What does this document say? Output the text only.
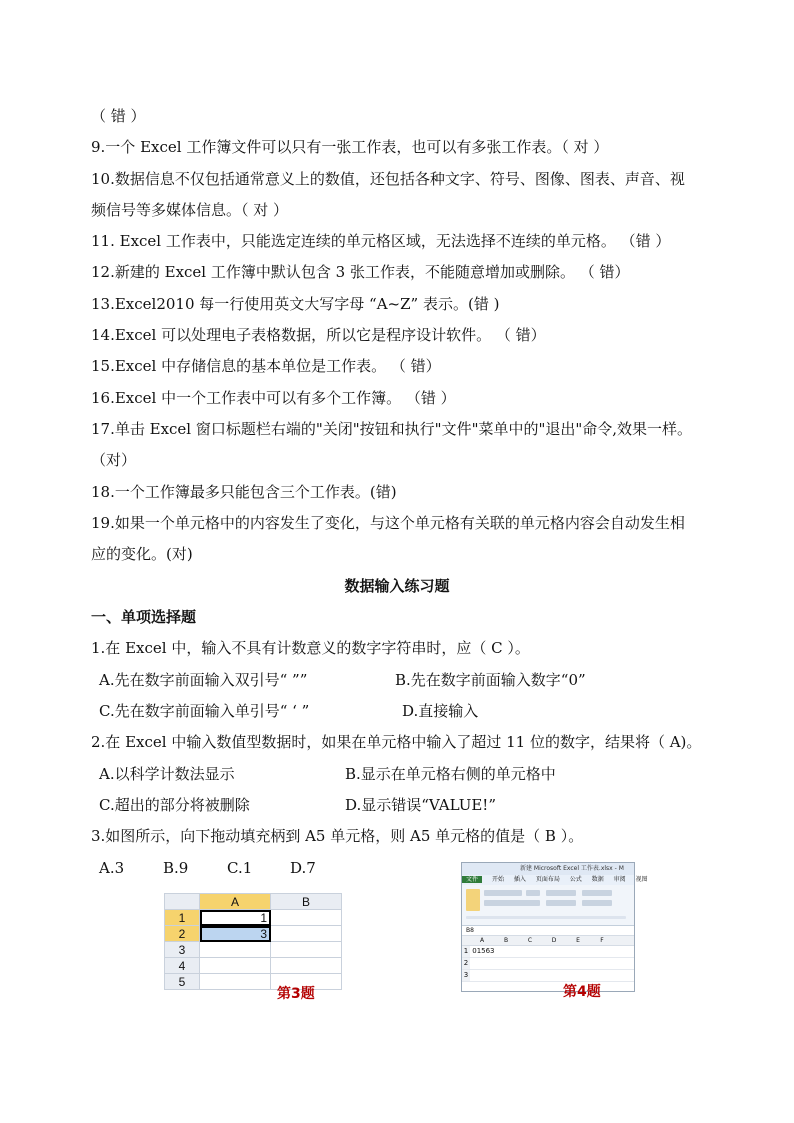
（ 错 ）
9.一个 Excel 工作簿文件可以只有一张工作表，也可以有多张工作表。（ 对 ）
10.数据信息不仅包括通常意义上的数值，还包括各种文字、符号、图像、图表、声音、视
频信号等多媒体信息。（ 对 ）
11. Excel 工作表中，只能选定连续的单元格区域，无法选择不连续的单元格。 （错 ）
12.新建的 Excel 工作簿中默认包含 3 张工作表，不能随意增加或删除。 （ 错）
13.Excel2010 每一行使用英文大写字母 “A~Z” 表示。(错 )
14.Excel 可以处理电子表格数据，所以它是程序设计软件。 （ 错）
15.Excel 中存储信息的基本单位是工作表。 （ 错）
16.Excel 中一个工作表中可以有多个工作簿。 （错 ）
17.单击 Excel 窗口标题栏右端的"关闭"按钮和执行"文件"菜单中的"退出"命令,效果一样。
（对）
18.一个工作簿最多只能包含三个工作表。(错)
19.如果一个单元格中的内容发生了变化，与这个单元格有关联的单元格内容会自动发生相
应的变化。(对)
数据输入练习题
一、单项选择题
1.在 Excel 中，输入不具有计数意义的数字字符串时，应（ C ）。
A.先在数字前面输入双引号“ ””	B.先在数字前面输入数字“0”
C.先在数字前面输入单引号“ ‘ ”	D.直接输入
2.在 Excel 中输入数值型数据时，如果在单元格中输入了超过 11 位的数字，结果将（ A)。
A.以科学计数法显示	B.显示在单元格右侧的单元格中
C.超出的部分将被删除	D.显示错误“VALUE!”
3.如图所示，向下拖动填充柄到 A5 单元格，则 A5 单元格的值是（ B ）。
A.3	B.9	C.1	D.7
	A	B
1	1	
2	3	
3		
4		
5		
第3题
新建 Microsoft Excel 工作表.xlsx - M
文件 开始 插入 页面布局 公式 数据 审阅 视图
B8
A	B	C	D	E	F
1 01563
2
3
第4题
